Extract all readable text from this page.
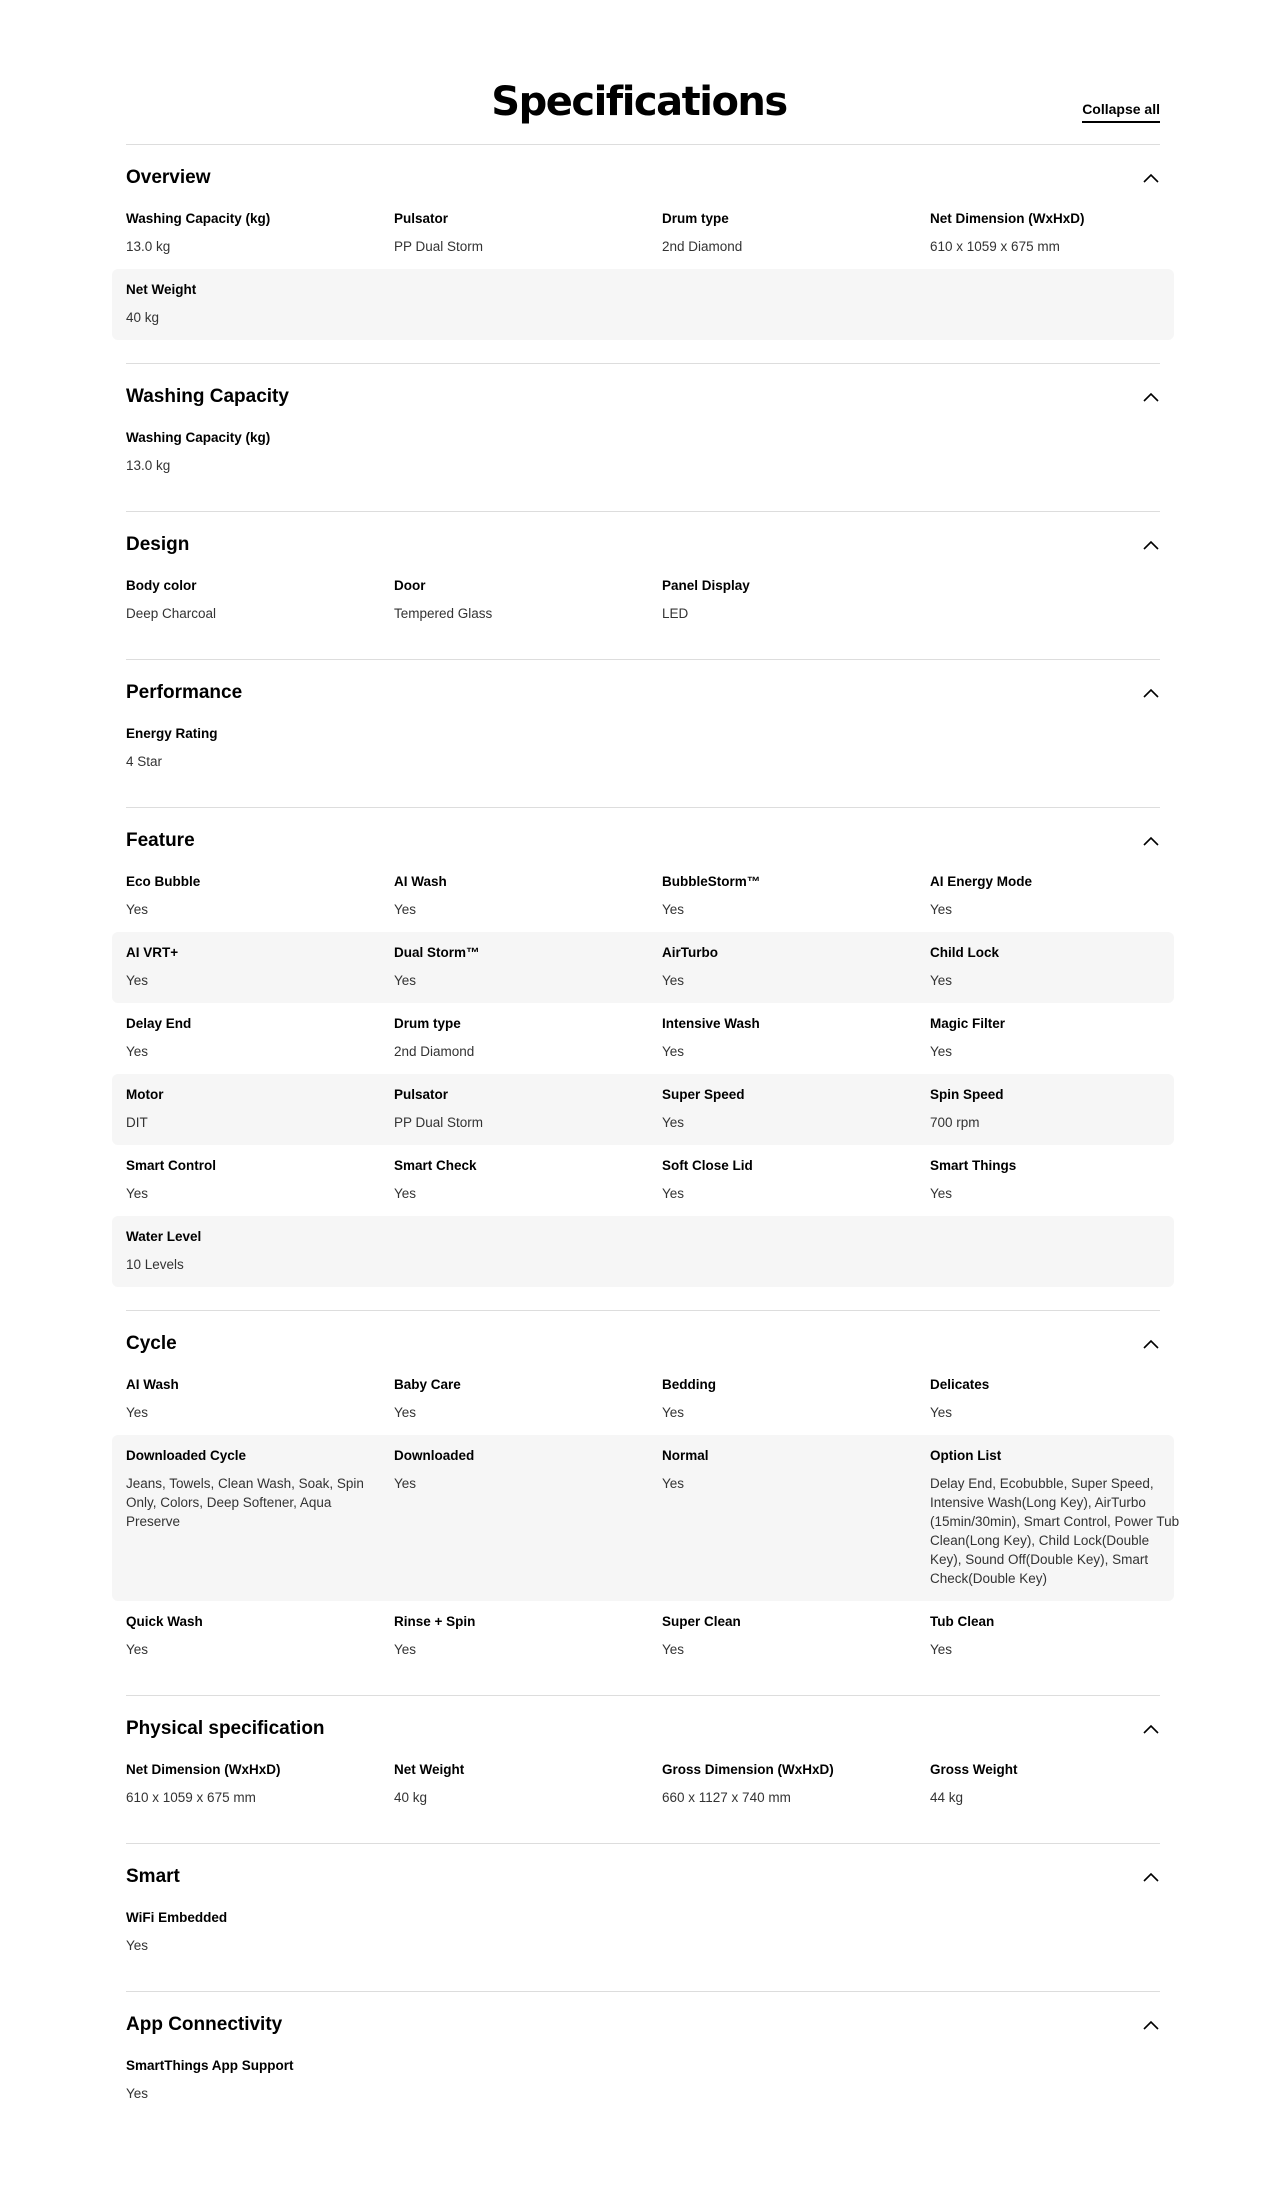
Specifications	Collapse all
Overview
Washing Capacity (kg)
13.0 kg
Pulsator
PP Dual Storm
Drum type
2nd Diamond
Net Dimension (WxHxD)
610 x 1059 x 675 mm
Net Weight
40 kg
Washing Capacity
Washing Capacity (kg)
13.0 kg
Design
Body color
Deep Charcoal
Door
Tempered Glass
Panel Display
LED
Performance
Energy Rating
4 Star
Feature
Eco Bubble
Yes
AI Wash
Yes
BubbleStorm™
Yes
AI Energy Mode
Yes
AI VRT+
Yes
Dual Storm™
Yes
AirTurbo
Yes
Child Lock
Yes
Delay End
Yes
Drum type
2nd Diamond
Intensive Wash
Yes
Magic Filter
Yes
Motor
DIT
Pulsator
PP Dual Storm
Super Speed
Yes
Spin Speed
700 rpm
Smart Control
Yes
Smart Check
Yes
Soft Close Lid
Yes
Smart Things
Yes
Water Level
10 Levels
Cycle
AI Wash
Yes
Baby Care
Yes
Bedding
Yes
Delicates
Yes
Downloaded Cycle
Jeans, Towels, Clean Wash, Soak, Spin Only, Colors, Deep Softener, Aqua Preserve
Downloaded
Yes
Normal
Yes
Option List
Delay End, Ecobubble, Super Speed, Intensive Wash(Long Key), AirTurbo (15min/30min), Smart Control, Power Tub Clean(Long Key), Child Lock(Double Key), Sound Off(Double Key), Smart Check(Double Key)
Quick Wash
Yes
Rinse + Spin
Yes
Super Clean
Yes
Tub Clean
Yes
Physical specification
Net Dimension (WxHxD)
610 x 1059 x 675 mm
Net Weight
40 kg
Gross Dimension (WxHxD)
660 x 1127 x 740 mm
Gross Weight
44 kg
Smart
WiFi Embedded
Yes
App Connectivity
SmartThings App Support
Yes
